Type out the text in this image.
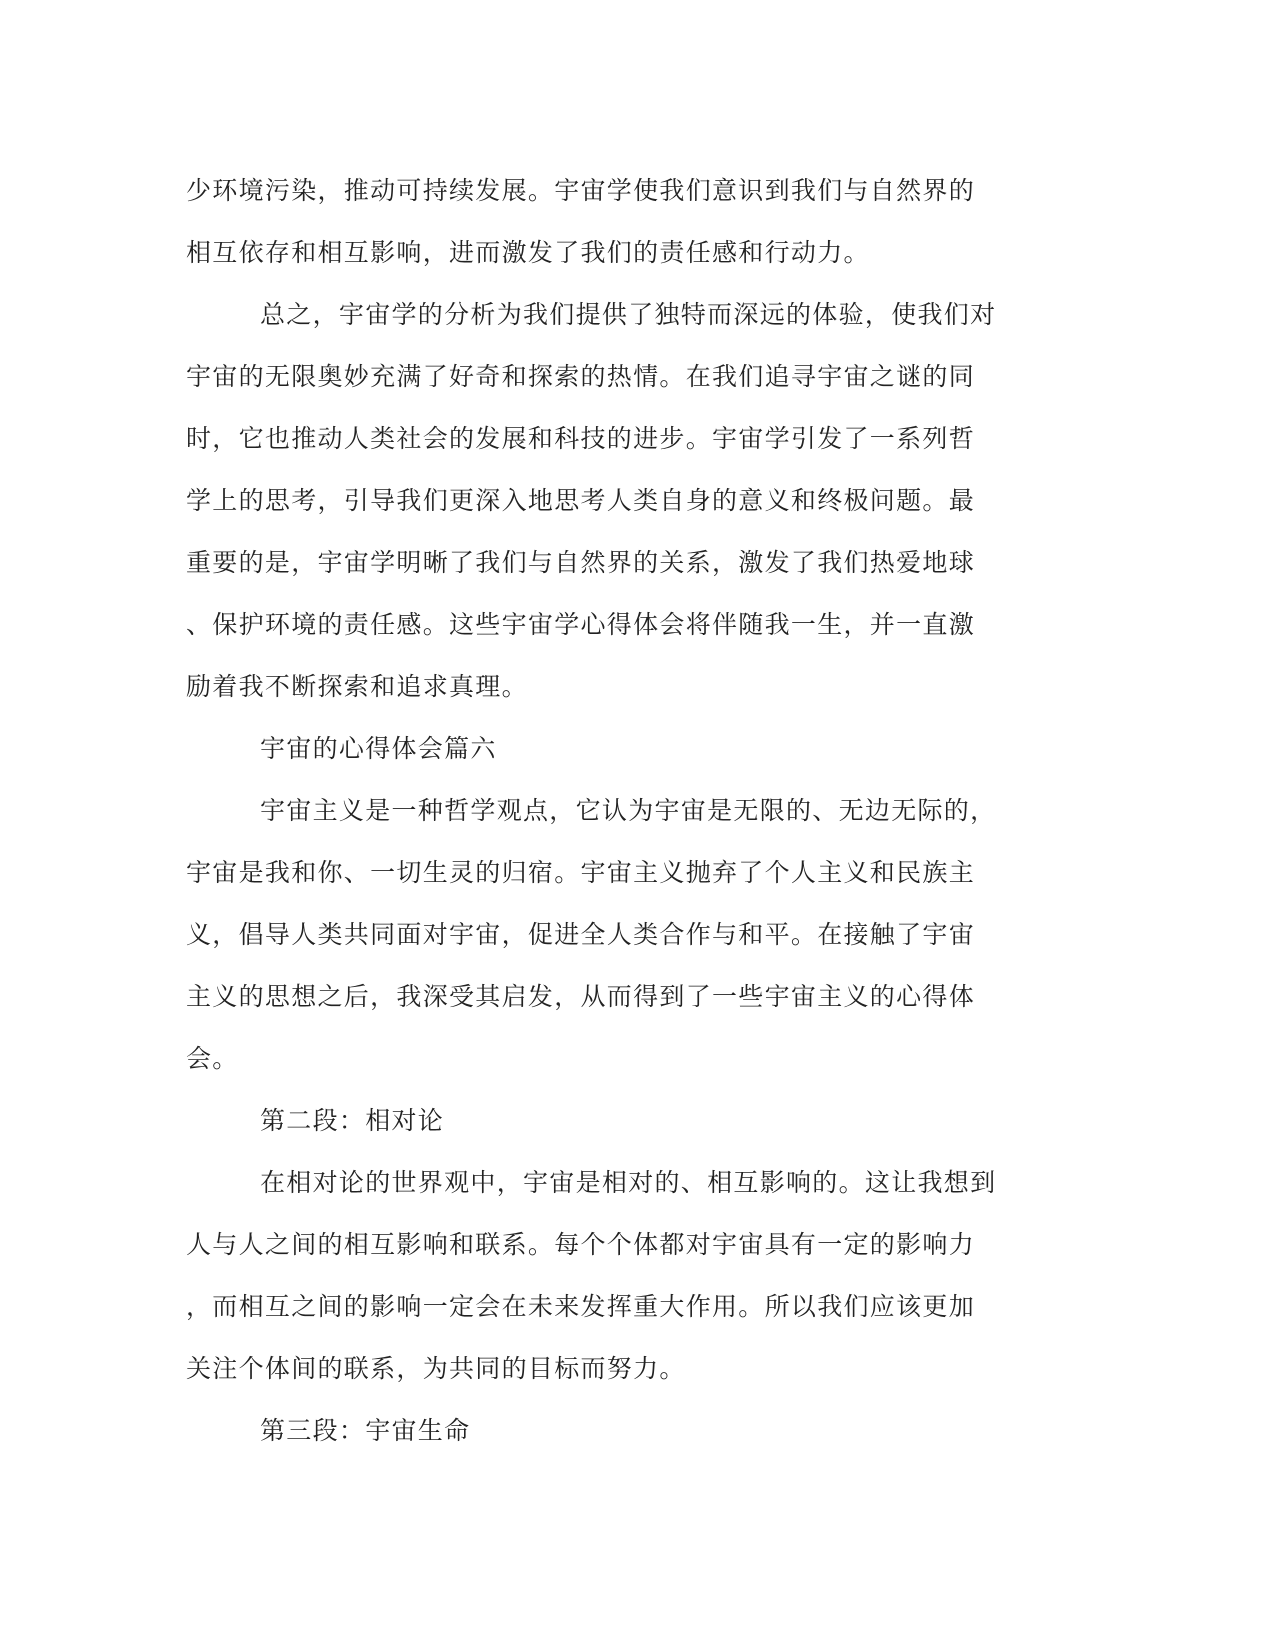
少环境污染，推动可持续发展。宇宙学使我们意识到我们与自然界的
相互依存和相互影响，进而激发了我们的责任感和行动力。
总之，宇宙学的分析为我们提供了独特而深远的体验，使我们对
宇宙的无限奥妙充满了好奇和探索的热情。在我们追寻宇宙之谜的同
时，它也推动人类社会的发展和科技的进步。宇宙学引发了一系列哲
学上的思考，引导我们更深入地思考人类自身的意义和终极问题。最
重要的是，宇宙学明晰了我们与自然界的关系，激发了我们热爱地球
、保护环境的责任感。这些宇宙学心得体会将伴随我一生，并一直激
励着我不断探索和追求真理。
宇宙的心得体会篇六
宇宙主义是一种哲学观点，它认为宇宙是无限的、无边无际的，
宇宙是我和你、一切生灵的归宿。宇宙主义抛弃了个人主义和民族主
义，倡导人类共同面对宇宙，促进全人类合作与和平。在接触了宇宙
主义的思想之后，我深受其启发，从而得到了一些宇宙主义的心得体
会。
第二段：相对论
在相对论的世界观中，宇宙是相对的、相互影响的。这让我想到
人与人之间的相互影响和联系。每个个体都对宇宙具有一定的影响力
，而相互之间的影响一定会在未来发挥重大作用。所以我们应该更加
关注个体间的联系，为共同的目标而努力。
第三段：宇宙生命
